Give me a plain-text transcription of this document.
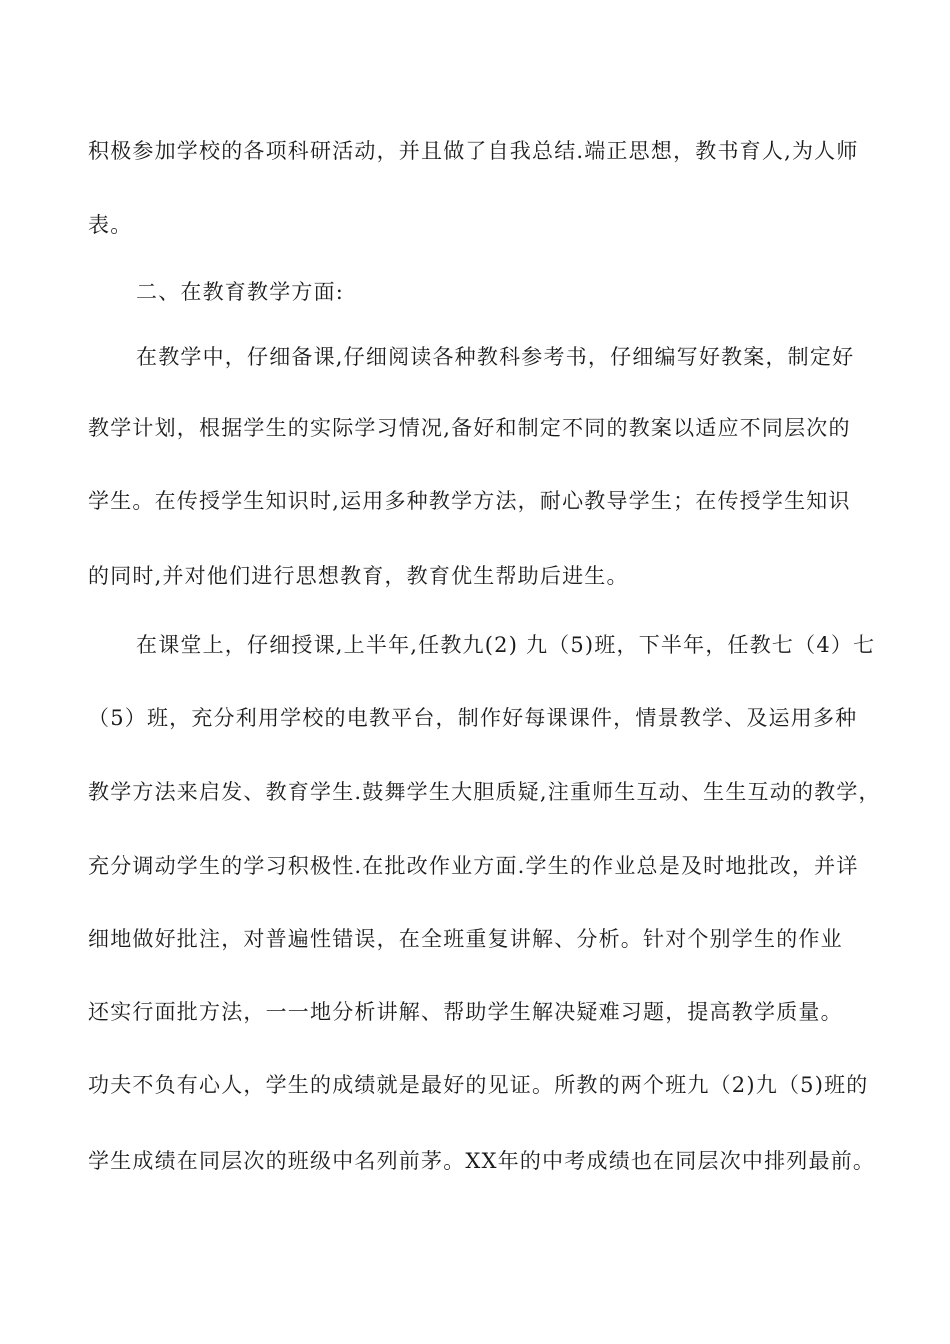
积极参加学校的各项科研活动，并且做了自我总结.端正思想，教书育人,为人师
表。
二、在教育教学方面:
在教学中，仔细备课,仔细阅读各种教科参考书，仔细编写好教案，制定好
教学计划，根据学生的实际学习情况,备好和制定不同的教案以适应不同层次的
学生。在传授学生知识时,运用多种教学方法，耐心教导学生；在传授学生知识
的同时,并对他们进行思想教育，教育优生帮助后进生。
在课堂上，仔细授课,上半年,任教九(2) 九（5)班，下半年，任教七（4）七
（5）班，充分利用学校的电教平台，制作好每课课件，情景教学、及运用多种
教学方法来启发、教育学生.鼓舞学生大胆质疑,注重师生互动、生生互动的教学，
充分调动学生的学习积极性.在批改作业方面.学生的作业总是及时地批改，并详
细地做好批注，对普遍性错误，在全班重复讲解、分析。针对个别学生的作业
还实行面批方法，一一地分析讲解、帮助学生解决疑难习题，提高教学质量。
功夫不负有心人，学生的成绩就是最好的见证。所教的两个班九（2)九（5)班的
学生成绩在同层次的班级中名列前茅。XX年的中考成绩也在同层次中排列最前。
